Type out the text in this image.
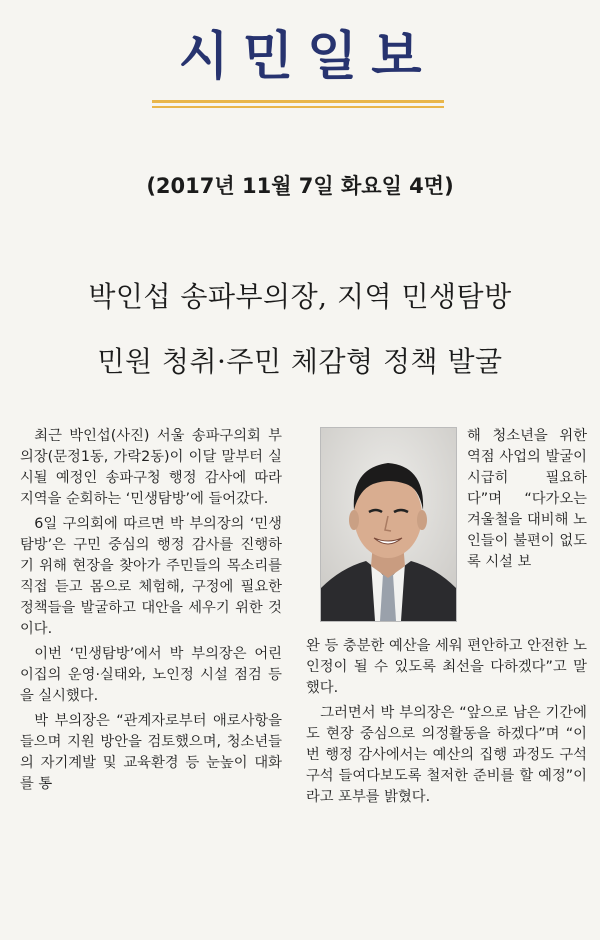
시민일보
(2017년 11월 7일 화요일 4면)
박인섭 송파부의장, 지역 민생탐방
민원 청취·주민 체감형 정책 발굴

최근 박인섭(사진) 서울 송파구의회 부의장(문정1동, 가락2동)이 이달 말부터 실시될 예정인 송파구청 행정 감사에 따라 지역을 순회하는 ‘민생탐방’에 들어갔다.

6일 구의회에 따르면 박 부의장의 ‘민생탐방’은 구민 중심의 행정 감사를 진행하기 위해 현장을 찾아가 주민들의 목소리를 직접 듣고 몸으로 체험해, 구정에 필요한 정책들을 발굴하고 대안을 세우기 위한 것이다.

이번 ‘민생탐방’에서 박 부의장은 어린이집의 운영·실태와, 노인정 시설 점검 등을 실시했다.

박 부의장은 “관계자로부터 애로사항을 들으며 지원 방안을 검토했으며, 청소년들의 자기계발 및 교육환경 등 눈높이 대화를 통

해 청소년을 위한 역점 사업의 발굴이 시급히 필요하다”며 “다가오는 겨울철을 대비해 노인들이 불편이 없도록 시설 보

완 등 충분한 예산을 세워 편안하고 안전한 노인정이 될 수 있도록 최선을 다하겠다”고 말했다.

그러면서 박 부의장은 “앞으로 남은 기간에도 현장 중심으로 의정활동을 하겠다”며 “이번 행정 감사에서는 예산의 집행 과정도 구석구석 들여다보도록 철저한 준비를 할 예정”이라고 포부를 밝혔다.
